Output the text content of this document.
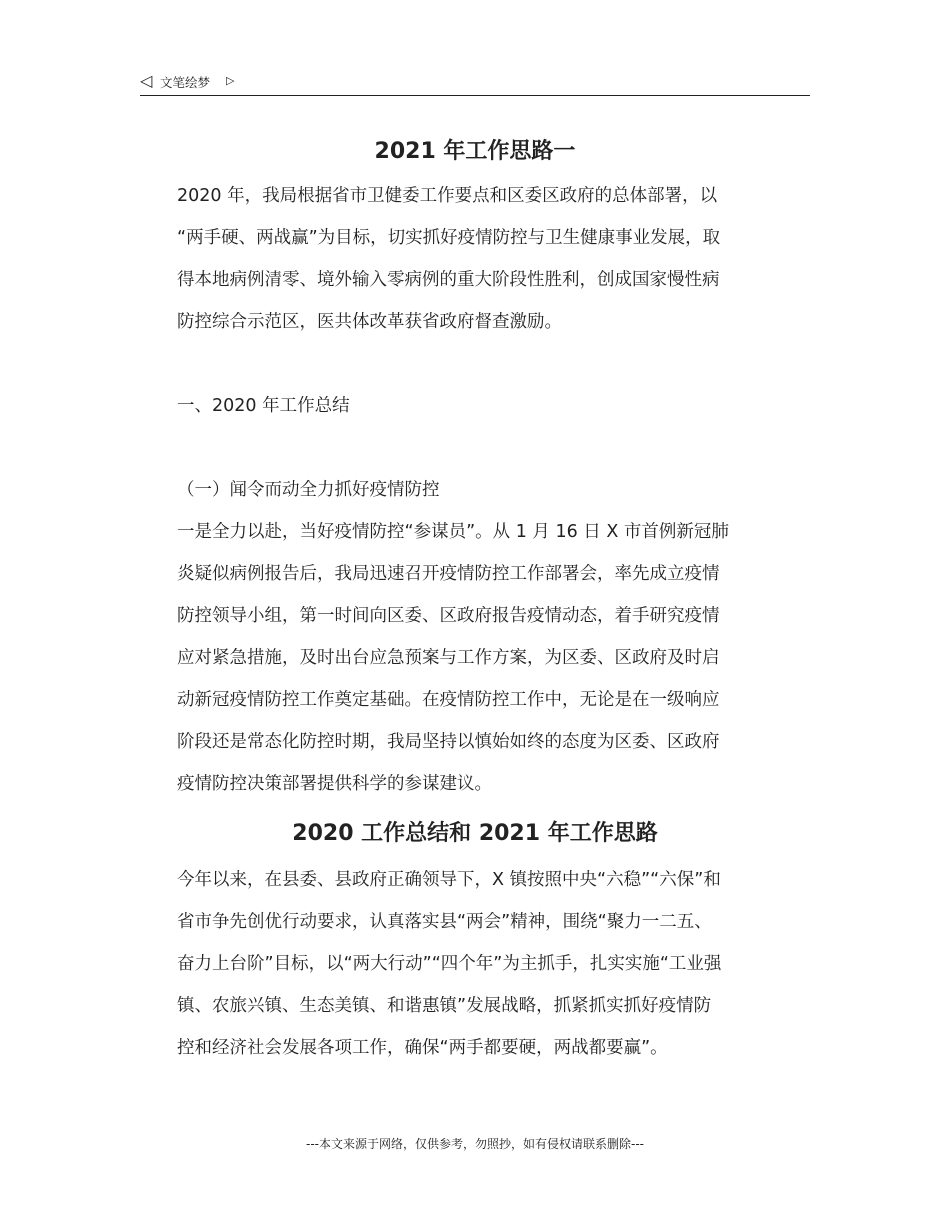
◁ 文笔绘梦 ▷
2021 年工作思路一
2020 年，我局根据省市卫健委工作要点和区委区政府的总体部署，以
“两手硬、两战赢”为目标，切实抓好疫情防控与卫生健康事业发展，取
得本地病例清零、境外输入零病例的重大阶段性胜利，创成国家慢性病
防控综合示范区，医共体改革获省政府督查激励。
一、2020 年工作总结
（一）闻令而动全力抓好疫情防控
一是全力以赴，当好疫情防控“参谋员”。从 1 月 16 日 X 市首例新冠肺
炎疑似病例报告后，我局迅速召开疫情防控工作部署会，率先成立疫情
防控领导小组，第一时间向区委、区政府报告疫情动态，着手研究疫情
应对紧急措施，及时出台应急预案与工作方案，为区委、区政府及时启
动新冠疫情防控工作奠定基础。在疫情防控工作中，无论是在一级响应
阶段还是常态化防控时期，我局坚持以慎始如终的态度为区委、区政府
疫情防控决策部署提供科学的参谋建议。
2020 工作总结和 2021 年工作思路
今年以来，在县委、县政府正确领导下，X 镇按照中央“六稳”“六保”和
省市争先创优行动要求，认真落实县“两会”精神，围绕“聚力一二五、
奋力上台阶”目标，以“两大行动”“四个年”为主抓手，扎实实施“工业强
镇、农旅兴镇、生态美镇、和谐惠镇”发展战略，抓紧抓实抓好疫情防
控和经济社会发展各项工作，确保“两手都要硬，两战都要赢”。
---本文来源于网络，仅供参考，勿照抄，如有侵权请联系删除---
